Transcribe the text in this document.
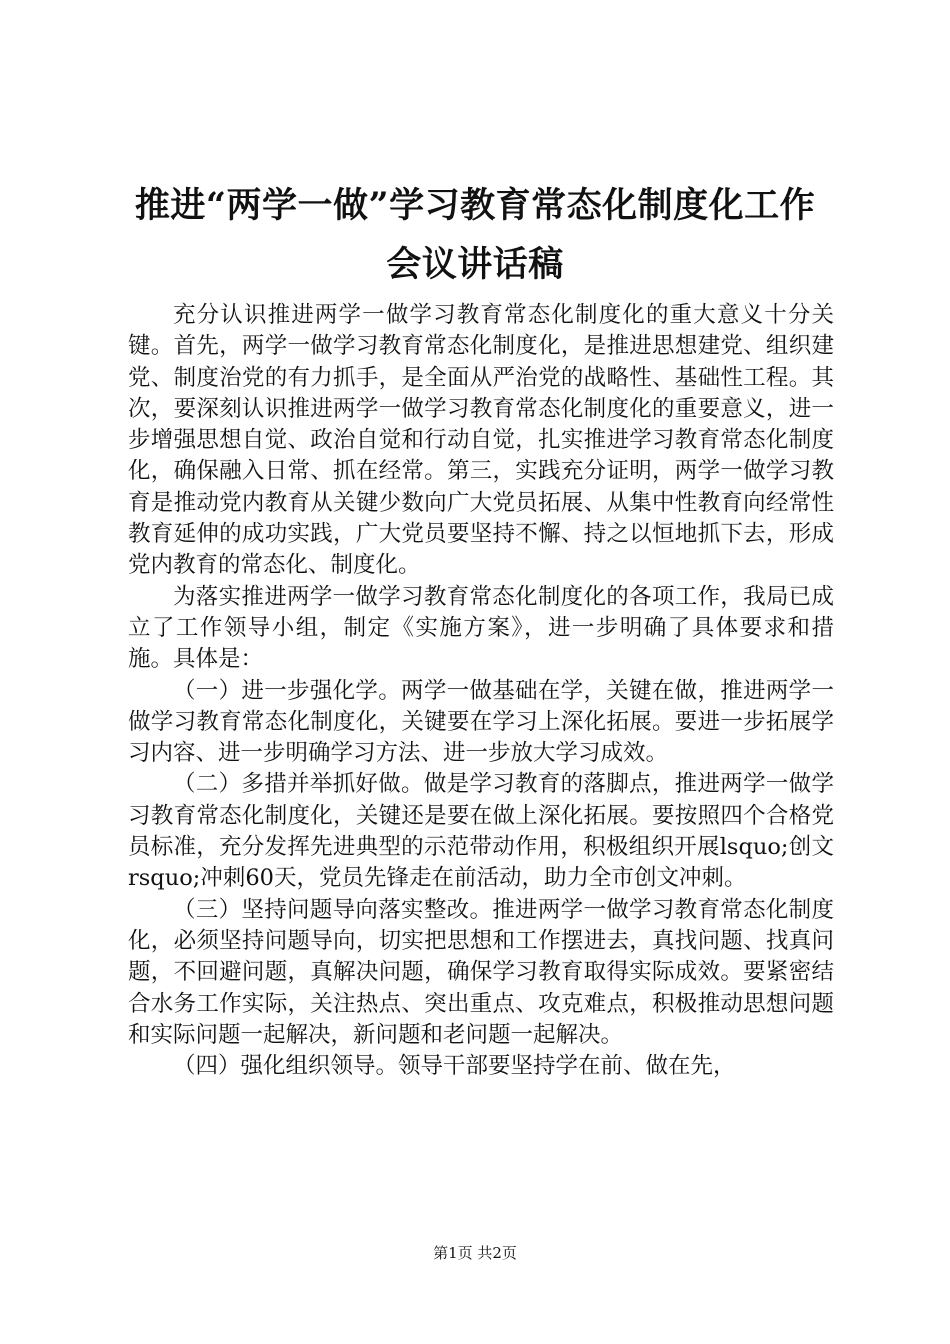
推进“两学一做”学习教育常态化制度化工作
会议讲话稿

充分认识推进两学一做学习教育常态化制度化的重大意义十分关键。首先，两学一做学习教育常态化制度化，是推进思想建党、组织建党、制度治党的有力抓手，是全面从严治党的战略性、基础性工程。其次，要深刻认识推进两学一做学习教育常态化制度化的重要意义，进一步增强思想自觉、政治自觉和行动自觉，扎实推进学习教育常态化制度化，确保融入日常、抓在经常。第三，实践充分证明，两学一做学习教育是推动党内教育从关键少数向广大党员拓展、从集中性教育向经常性教育延伸的成功实践，广大党员要坚持不懈、持之以恒地抓下去，形成党内教育的常态化、制度化。

为落实推进两学一做学习教育常态化制度化的各项工作，我局已成立了工作领导小组，制定《实施方案》，进一步明确了具体要求和措施。具体是：

（一）进一步强化学。两学一做基础在学，关键在做，推进两学一做学习教育常态化制度化，关键要在学习上深化拓展。要进一步拓展学习内容、进一步明确学习方法、进一步放大学习成效。

（二）多措并举抓好做。做是学习教育的落脚点，推进两学一做学习教育常态化制度化，关键还是要在做上深化拓展。要按照四个合格党员标准，充分发挥先进典型的示范带动作用，积极组织开展lsquo;创文rsquo;冲刺60天，党员先锋走在前活动，助力全市创文冲刺。

（三）坚持问题导向落实整改。推进两学一做学习教育常态化制度化，必须坚持问题导向，切实把思想和工作摆进去，真找问题、找真问题，不回避问题，真解决问题，确保学习教育取得实际成效。要紧密结合水务工作实际，关注热点、突出重点、攻克难点，积极推动思想问题和实际问题一起解决，新问题和老问题一起解决。

（四）强化组织领导。领导干部要坚持学在前、做在先，

第1页 共2页
